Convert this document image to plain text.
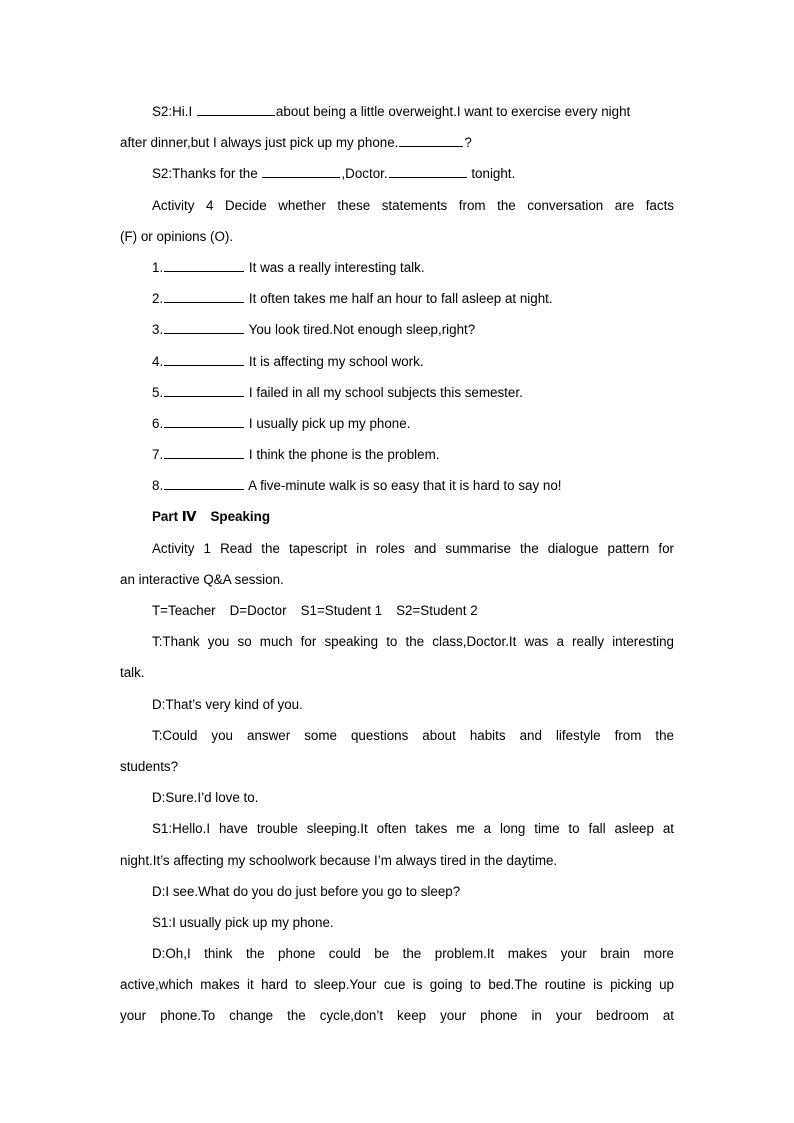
S2:Hi.I	about being a little overweight.I want to exercise every night
after dinner,but I always just pick up my phone.	?
S2:Thanks for the	,Doctor.	tonight.
Activity 4 Decide whether these statements from the conversation are facts
(F) or opinions (O).
1.	It was a really interesting talk.
2.	It often takes me half an hour to fall asleep at night.
3.	You look tired.Not enough sleep,right?
4.	It is affecting my school work.
5.	I failed in all my school subjects this semester.
6.	I usually pick up my phone.
7.	I think the phone is the problem.
8.	A five-minute walk is so easy that it is hard to say no!
Part Ⅳ Speaking
Activity 1 Read the tapescript in roles and summarise the dialogue pattern for
an interactive Q&A session.
T=Teacher D=Doctor S1=Student 1 S2=Student 2
T:Thank you so much for speaking to the class,Doctor.It was a really interesting
talk.
D:That’s very kind of you.
T:Could you answer some questions about habits and lifestyle from the
students?
D:Sure.I’d love to.
S1:Hello.I have trouble sleeping.It often takes me a long time to fall asleep at
night.It’s affecting my schoolwork because I’m always tired in the daytime.
D:I see.What do you do just before you go to sleep?
S1:I usually pick up my phone.
D:Oh,I think the phone could be the problem.It makes your brain more
active,which makes it hard to sleep.Your cue is going to bed.The routine is picking up
your phone.To change the cycle,don’t keep your phone in your bedroom at
